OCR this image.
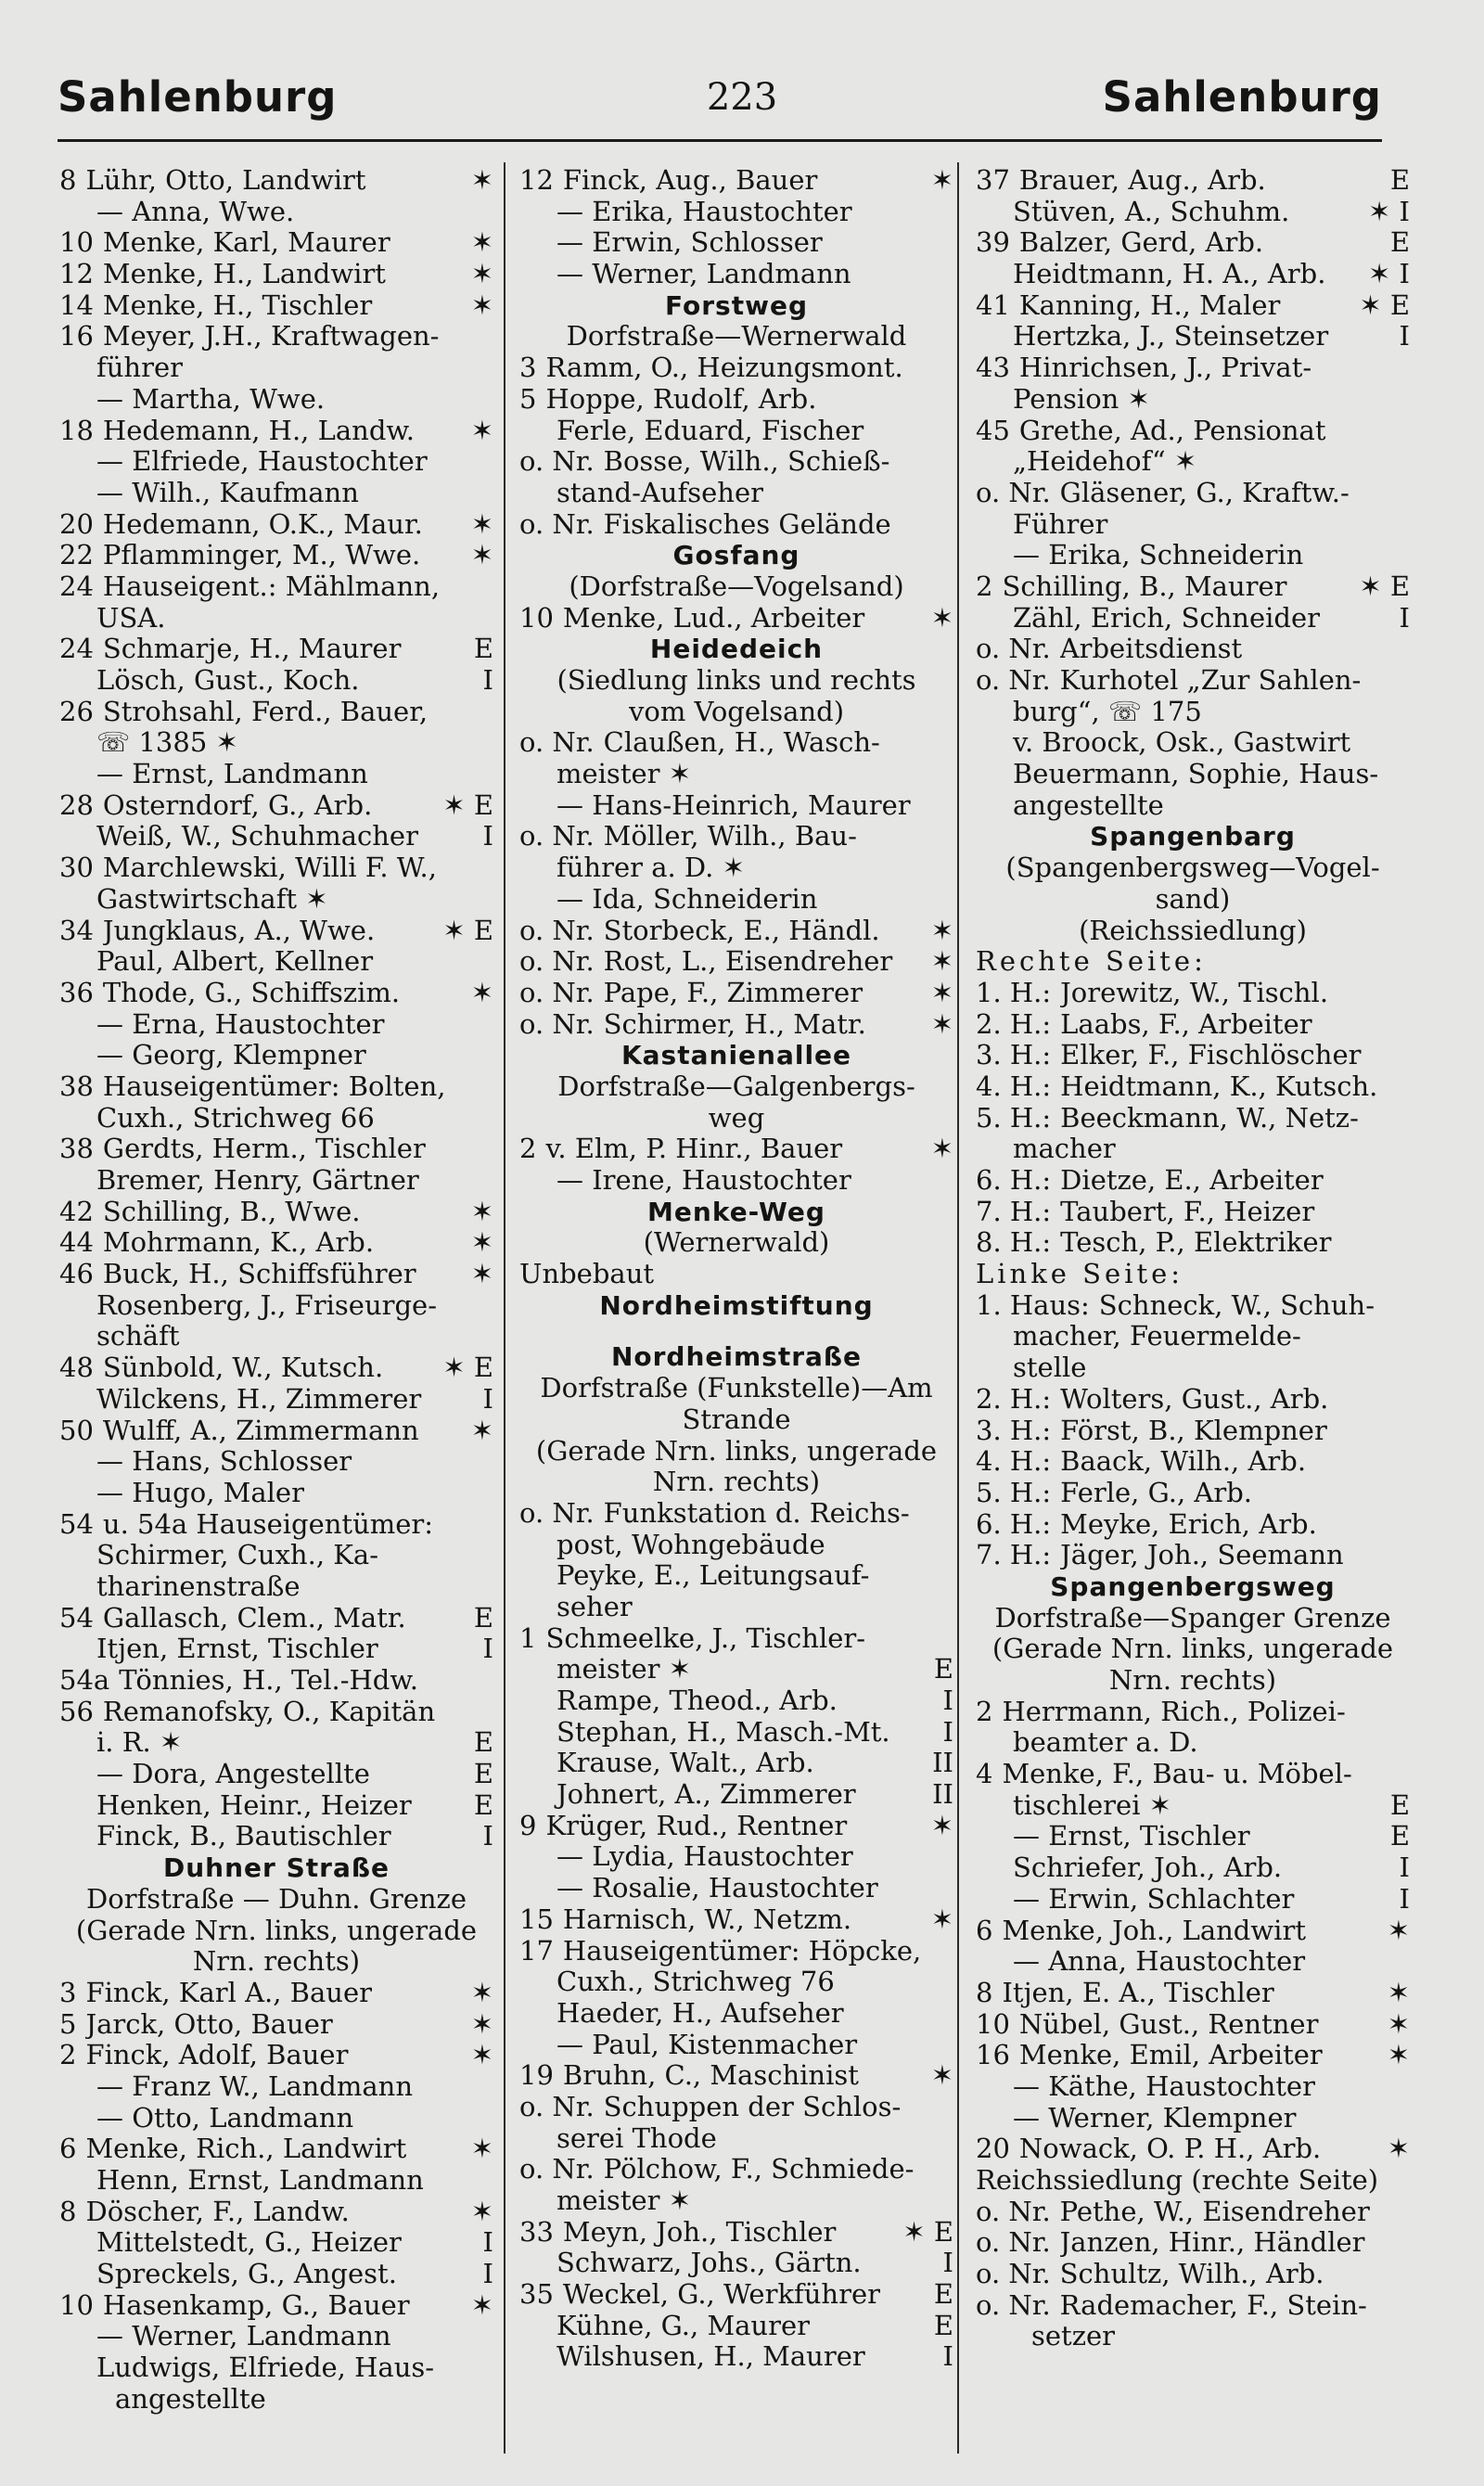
Sahlenburg	223	Sahlenburg
8 Lühr, Otto, Landwirt	✶
— Anna, Wwe.
10 Menke, Karl, Maurer	✶
12 Menke, H., Landwirt	✶
14 Menke, H., Tischler	✶
16 Meyer, J.H., Kraftwagen-
führer
— Martha, Wwe.
18 Hedemann, H., Landw.	✶
— Elfriede, Haustochter
— Wilh., Kaufmann
20 Hedemann, O.K., Maur.	✶
22 Pflamminger, M., Wwe.	✶
24 Hauseigent.: Mählmann,
USA.
24 Schmarje, H., Maurer	E
Lösch, Gust., Koch.	I
26 Strohsahl, Ferd., Bauer,
☏ 1385 ✶
— Ernst, Landmann
28 Osterndorf, G., Arb.	✶ E
Weiß, W., Schuhmacher	I
30 Marchlewski, Willi F. W.,
Gastwirtschaft ✶
34 Jungklaus, A., Wwe.	✶ E
Paul, Albert, Kellner
36 Thode, G., Schiffszim.	✶
— Erna, Haustochter
— Georg, Klempner
38 Hauseigentümer: Bolten,
Cuxh., Strichweg 66
38 Gerdts, Herm., Tischler
Bremer, Henry, Gärtner
42 Schilling, B., Wwe.	✶
44 Mohrmann, K., Arb.	✶
46 Buck, H., Schiffsführer	✶
Rosenberg, J., Friseurge-
schäft
48 Sünbold, W., Kutsch.	✶ E
Wilckens, H., Zimmerer	I
50 Wulff, A., Zimmermann	✶
— Hans, Schlosser
— Hugo, Maler
54 u. 54a Hauseigentümer:
Schirmer, Cuxh., Ka-
tharinenstraße
54 Gallasch, Clem., Matr.	E
Itjen, Ernst, Tischler	I
54a Tönnies, H., Tel.-Hdw.
56 Remanofsky, O., Kapitän
i. R. ✶	E
— Dora, Angestellte	E
Henken, Heinr., Heizer	E
Finck, B., Bautischler	I
Duhner Straße
Dorfstraße — Duhn. Grenze
(Gerade Nrn. links, ungerade
Nrn. rechts)
3 Finck, Karl A., Bauer	✶
5 Jarck, Otto, Bauer	✶
2 Finck, Adolf, Bauer	✶
— Franz W., Landmann
— Otto, Landmann
6 Menke, Rich., Landwirt	✶
Henn, Ernst, Landmann
8 Döscher, F., Landw.	✶
Mittelstedt, G., Heizer	I
Spreckels, G., Angest.	I
10 Hasenkamp, G., Bauer	✶
— Werner, Landmann
Ludwigs, Elfriede, Haus-
angestellte
12 Finck, Aug., Bauer	✶
— Erika, Haustochter
— Erwin, Schlosser
— Werner, Landmann
Forstweg
Dorfstraße—Wernerwald
3 Ramm, O., Heizungsmont.
5 Hoppe, Rudolf, Arb.
Ferle, Eduard, Fischer
o. Nr. Bosse, Wilh., Schieß-
stand-Aufseher
o. Nr. Fiskalisches Gelände
Gosfang
(Dorfstraße—Vogelsand)
10 Menke, Lud., Arbeiter	✶
Heidedeich
(Siedlung links und rechts
vom Vogelsand)
o. Nr. Claußen, H., Wasch-
meister ✶
— Hans-Heinrich, Maurer
o. Nr. Möller, Wilh., Bau-
führer a. D. ✶
— Ida, Schneiderin
o. Nr. Storbeck, E., Händl.	✶
o. Nr. Rost, L., Eisendreher	✶
o. Nr. Pape, F., Zimmerer	✶
o. Nr. Schirmer, H., Matr.	✶
Kastanienallee
Dorfstraße—Galgenbergs-
weg
2 v. Elm, P. Hinr., Bauer	✶
— Irene, Haustochter
Menke-Weg
(Wernerwald)
Unbebaut
Nordheimstiftung
Nordheimstraße
Dorfstraße (Funkstelle)—Am
Strande
(Gerade Nrn. links, ungerade
Nrn. rechts)
o. Nr. Funkstation d. Reichs-
post, Wohngebäude
Peyke, E., Leitungsauf-
seher
1 Schmeelke, J., Tischler-
meister ✶	E
Rampe, Theod., Arb.	I
Stephan, H., Masch.-Mt.	I
Krause, Walt., Arb.	II
Johnert, A., Zimmerer	II
9 Krüger, Rud., Rentner	✶
— Lydia, Haustochter
— Rosalie, Haustochter
15 Harnisch, W., Netzm.	✶
17 Hauseigentümer: Höpcke,
Cuxh., Strichweg 76
Haeder, H., Aufseher
— Paul, Kistenmacher
19 Bruhn, C., Maschinist	✶
o. Nr. Schuppen der Schlos-
serei Thode
o. Nr. Pölchow, F., Schmiede-
meister ✶
33 Meyn, Joh., Tischler	✶ E
Schwarz, Johs., Gärtn.	I
35 Weckel, G., Werkführer	E
Kühne, G., Maurer	E
Wilshusen, H., Maurer	I
37 Brauer, Aug., Arb.	E
Stüven, A., Schuhm.	✶ I
39 Balzer, Gerd, Arb.	E
Heidtmann, H. A., Arb.	✶ I
41 Kanning, H., Maler	✶ E
Hertzka, J., Steinsetzer	I
43 Hinrichsen, J., Privat-
Pension ✶
45 Grethe, Ad., Pensionat
„Heidehof“ ✶
o. Nr. Gläsener, G., Kraftw.-
Führer
— Erika, Schneiderin
2 Schilling, B., Maurer	✶ E
Zähl, Erich, Schneider	I
o. Nr. Arbeitsdienst
o. Nr. Kurhotel „Zur Sahlen-
burg“, ☏ 175
v. Broock, Osk., Gastwirt
Beuermann, Sophie, Haus-
angestellte
Spangenbarg
(Spangenbergsweg—Vogel-
sand)
(Reichssiedlung)
Rechte Seite:
1. H.: Jorewitz, W., Tischl.
2. H.: Laabs, F., Arbeiter
3. H.: Elker, F., Fischlöscher
4. H.: Heidtmann, K., Kutsch.
5. H.: Beeckmann, W., Netz-
macher
6. H.: Dietze, E., Arbeiter
7. H.: Taubert, F., Heizer
8. H.: Tesch, P., Elektriker
Linke Seite:
1. Haus: Schneck, W., Schuh-
macher, Feuermelde-
stelle
2. H.: Wolters, Gust., Arb.
3. H.: Först, B., Klempner
4. H.: Baack, Wilh., Arb.
5. H.: Ferle, G., Arb.
6. H.: Meyke, Erich, Arb.
7. H.: Jäger, Joh., Seemann
Spangenbergsweg
Dorfstraße—Spanger Grenze
(Gerade Nrn. links, ungerade
Nrn. rechts)
2 Herrmann, Rich., Polizei-
beamter a. D.
4 Menke, F., Bau- u. Möbel-
tischlerei ✶	E
— Ernst, Tischler	E
Schriefer, Joh., Arb.	I
— Erwin, Schlachter	I
6 Menke, Joh., Landwirt	✶
— Anna, Haustochter
8 Itjen, E. A., Tischler	✶
10 Nübel, Gust., Rentner	✶
16 Menke, Emil, Arbeiter	✶
— Käthe, Haustochter
— Werner, Klempner
20 Nowack, O. P. H., Arb.	✶
Reichssiedlung (rechte Seite)
o. Nr. Pethe, W., Eisendreher
o. Nr. Janzen, Hinr., Händler
o. Nr. Schultz, Wilh., Arb.
o. Nr. Rademacher, F., Stein-
setzer
